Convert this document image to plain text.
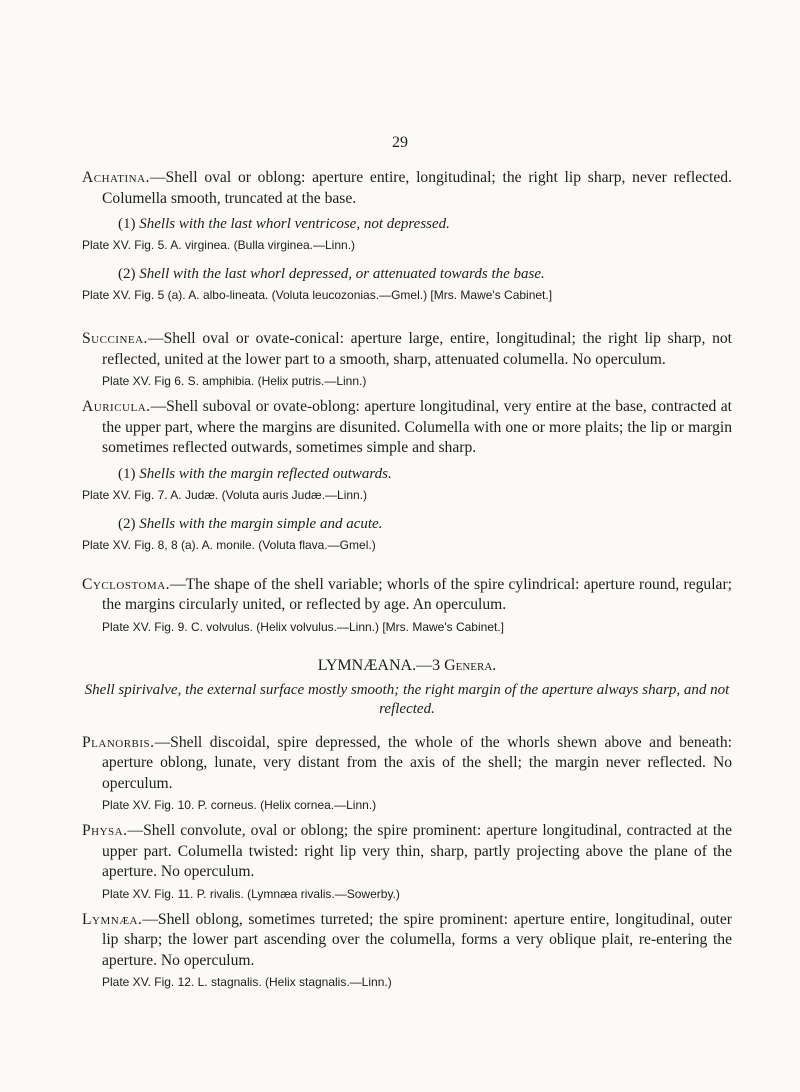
29

Achatina.—Shell oval or oblong: aperture entire, longitudinal; the right lip sharp, never reflected. Columella smooth, truncated at the base.

(1) Shells with the last whorl ventricose, not depressed.

Plate XV. Fig. 5. A. virginea. (Bulla virginea.—Linn.)

(2) Shell with the last whorl depressed, or attenuated towards the base.

Plate XV. Fig. 5 (a). A. albo-lineata. (Voluta leucozonias.—Gmel.) [Mrs. Mawe's Cabinet.]

Succinea.—Shell oval or ovate-conical: aperture large, entire, longitudinal; the right lip sharp, not reflected, united at the lower part to a smooth, sharp, attenuated columella. No operculum.

Plate XV. Fig 6. S. amphibia. (Helix putris.—Linn.)

Auricula.—Shell suboval or ovate-oblong: aperture longitudinal, very entire at the base, contracted at the upper part, where the margins are disunited. Columella with one or more plaits; the lip or margin sometimes reflected outwards, sometimes simple and sharp.

(1) Shells with the margin reflected outwards.

Plate XV. Fig. 7. A. Judæ. (Voluta auris Judæ.—Linn.)

(2) Shells with the margin simple and acute.

Plate XV. Fig. 8, 8 (a). A. monile. (Voluta flava.—Gmel.)

Cyclostoma.—The shape of the shell variable; whorls of the spire cylindrical: aperture round, regular; the margins circularly united, or reflected by age. An operculum.

Plate XV. Fig. 9. C. volvulus. (Helix volvulus.—Linn.) [Mrs. Mawe's Cabinet.]

LYMNÆANA.—3 Genera.

Shell spirivalve, the external surface mostly smooth; the right margin of the aperture always sharp, and not reflected.

Planorbis.—Shell discoidal, spire depressed, the whole of the whorls shewn above and beneath: aperture oblong, lunate, very distant from the axis of the shell; the margin never reflected. No operculum.

Plate XV. Fig. 10. P. corneus. (Helix cornea.—Linn.)

Physa.—Shell convolute, oval or oblong; the spire prominent: aperture longitudinal, contracted at the upper part. Columella twisted: right lip very thin, sharp, partly projecting above the plane of the aperture. No operculum.

Plate XV. Fig. 11. P. rivalis. (Lymnæa rivalis.—Sowerby.)

Lymnæa.—Shell oblong, sometimes turreted; the spire prominent: aperture entire, longitudinal, outer lip sharp; the lower part ascending over the columella, forms a very oblique plait, re-entering the aperture. No operculum.

Plate XV. Fig. 12. L. stagnalis. (Helix stagnalis.—Linn.)
